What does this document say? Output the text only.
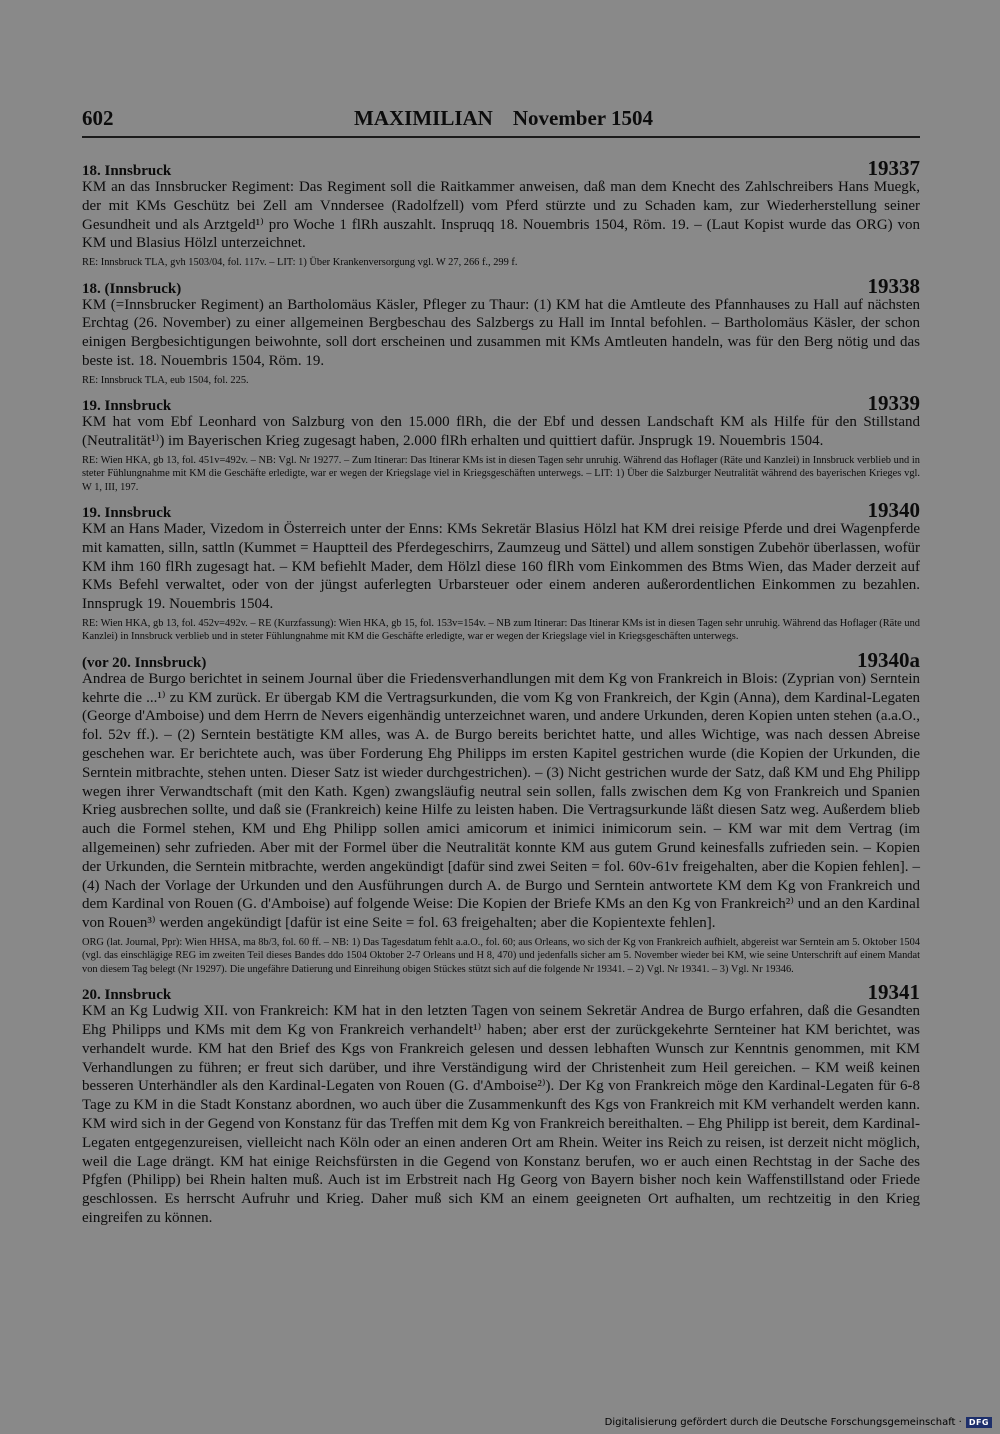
602	MAXIMILIAN November 1504
18. Innsbruck	19337

KM an das Innsbrucker Regiment: Das Regiment soll die Raitkammer anweisen, daß man dem Knecht des Zahlschreibers Hans Muegk, der mit KMs Geschütz bei Zell am Vnndersee (Radolfzell) vom Pferd stürzte und zu Schaden kam, zur Wiederherstellung seiner Gesundheit und als Arztgeld¹⁾ pro Woche 1 flRh auszahlt. Inspruqq 18. Nouembris 1504, Röm. 19. – (Laut Kopist wurde das ORG) von KM und Blasius Hölzl unterzeichnet.

RE: Innsbruck TLA, gvh 1503/04, fol. 117v. – LIT: 1) Über Krankenversorgung vgl. W 27, 266 f., 299 f.

18. (Innsbruck)	19338

KM (=Innsbrucker Regiment) an Bartholomäus Käsler, Pfleger zu Thaur: (1) KM hat die Amtleute des Pfannhauses zu Hall auf nächsten Erchtag (26. November) zu einer allgemeinen Bergbeschau des Salzbergs zu Hall im Inntal befohlen. – Bartholomäus Käsler, der schon einigen Bergbesichtigungen beiwohnte, soll dort erscheinen und zusammen mit KMs Amtleuten handeln, was für den Berg nötig und das beste ist. 18. Nouembris 1504, Röm. 19.

RE: Innsbruck TLA, eub 1504, fol. 225.

19. Innsbruck	19339

KM hat vom Ebf Leonhard von Salzburg von den 15.000 flRh, die der Ebf und dessen Landschaft KM als Hilfe für den Stillstand (Neutralität¹⁾) im Bayerischen Krieg zugesagt haben, 2.000 flRh erhalten und quittiert dafür. Jnsprugk 19. Nouembris 1504.

RE: Wien HKA, gb 13, fol. 451v=492v. – NB: Vgl. Nr 19277. – Zum Itinerar: Das Itinerar KMs ist in diesen Tagen sehr unruhig. Während das Hoflager (Räte und Kanzlei) in Innsbruck verblieb und in steter Fühlungnahme mit KM die Geschäfte erledigte, war er wegen der Kriegslage viel in Kriegsgeschäften unterwegs. – LIT: 1) Über die Salzburger Neutralität während des bayerischen Krieges vgl. W 1, III, 197.

19. Innsbruck	19340

KM an Hans Mader, Vizedom in Österreich unter der Enns: KMs Sekretär Blasius Hölzl hat KM drei reisige Pferde und drei Wagenpferde mit kamatten, silln, sattln (Kummet = Hauptteil des Pferdegeschirrs, Zaumzeug und Sättel) und allem sonstigen Zubehör überlassen, wofür KM ihm 160 flRh zugesagt hat. – KM befiehlt Mader, dem Hölzl diese 160 flRh vom Einkommen des Btms Wien, das Mader derzeit auf KMs Befehl verwaltet, oder von der jüngst auferlegten Urbarsteuer oder einem anderen außerordentlichen Einkommen zu bezahlen. Innsprugk 19. Nouembris 1504.

RE: Wien HKA, gb 13, fol. 452v=492v. – RE (Kurzfassung): Wien HKA, gb 15, fol. 153v=154v. – NB zum Itinerar: Das Itinerar KMs ist in diesen Tagen sehr unruhig. Während das Hoflager (Räte und Kanzlei) in Innsbruck verblieb und in steter Fühlungnahme mit KM die Geschäfte erledigte, war er wegen der Kriegslage viel in Kriegsgeschäften unterwegs.

(vor 20. Innsbruck)	19340a

Andrea de Burgo berichtet in seinem Journal über die Friedensverhandlungen mit dem Kg von Frankreich in Blois: (Zyprian von) Serntein kehrte die ...¹⁾ zu KM zurück. Er übergab KM die Vertragsurkunden, die vom Kg von Frankreich, der Kgin (Anna), dem Kardinal-Legaten (George d'Amboise) und dem Herrn de Nevers eigenhändig unterzeichnet waren, und andere Urkunden, deren Kopien unten stehen (a.a.O., fol. 52v ff.). – (2) Serntein bestätigte KM alles, was A. de Burgo bereits berichtet hatte, und alles Wichtige, was nach dessen Abreise geschehen war. Er berichtete auch, was über Forderung Ehg Philipps im ersten Kapitel gestrichen wurde (die Kopien der Urkunden, die Serntein mitbrachte, stehen unten. Dieser Satz ist wieder durchgestrichen). – (3) Nicht gestrichen wurde der Satz, daß KM und Ehg Philipp wegen ihrer Verwandtschaft (mit den Kath. Kgen) zwangsläufig neutral sein sollen, falls zwischen dem Kg von Frankreich und Spanien Krieg ausbrechen sollte, und daß sie (Frankreich) keine Hilfe zu leisten haben. Die Vertragsurkunde läßt diesen Satz weg. Außerdem blieb auch die Formel stehen, KM und Ehg Philipp sollen amici amicorum et inimici inimicorum sein. – KM war mit dem Vertrag (im allgemeinen) sehr zufrieden. Aber mit der Formel über die Neutralität konnte KM aus gutem Grund keinesfalls zufrieden sein. – Kopien der Urkunden, die Serntein mitbrachte, werden angekündigt [dafür sind zwei Seiten = fol. 60v-61v freigehalten, aber die Kopien fehlen]. – (4) Nach der Vorlage der Urkunden und den Ausführungen durch A. de Burgo und Serntein antwortete KM dem Kg von Frankreich und dem Kardinal von Rouen (G. d'Amboise) auf folgende Weise: Die Kopien der Briefe KMs an den Kg von Frankreich²⁾ und an den Kardinal von Rouen³⁾ werden angekündigt [dafür ist eine Seite = fol. 63 freigehalten; aber die Kopientexte fehlen].

ORG (lat. Journal, Ppr): Wien HHSA, ma 8b/3, fol. 60 ff. – NB: 1) Das Tagesdatum fehlt a.a.O., fol. 60; aus Orleans, wo sich der Kg von Frankreich aufhielt, abgereist war Serntein am 5. Oktober 1504 (vgl. das einschlägige REG im zweiten Teil dieses Bandes ddo 1504 Oktober 2-7 Orleans und H 8, 470) und jedenfalls sicher am 5. November wieder bei KM, wie seine Unterschrift auf einem Mandat von diesem Tag belegt (Nr 19297). Die ungefähre Datierung und Einreihung obigen Stückes stützt sich auf die folgende Nr 19341. – 2) Vgl. Nr 19341. – 3) Vgl. Nr 19346.

20. Innsbruck	19341

KM an Kg Ludwig XII. von Frankreich: KM hat in den letzten Tagen von seinem Sekretär Andrea de Burgo erfahren, daß die Gesandten Ehg Philipps und KMs mit dem Kg von Frankreich verhandelt¹⁾ haben; aber erst der zurückgekehrte Sernteiner hat KM berichtet, was verhandelt wurde. KM hat den Brief des Kgs von Frankreich gelesen und dessen lebhaften Wunsch zur Kenntnis genommen, mit KM Verhandlungen zu führen; er freut sich darüber, und ihre Verständigung wird der Christenheit zum Heil gereichen. – KM weiß keinen besseren Unterhändler als den Kardinal-Legaten von Rouen (G. d'Amboise²⁾). Der Kg von Frankreich möge den Kardinal-Legaten für 6-8 Tage zu KM in die Stadt Konstanz abordnen, wo auch über die Zusammenkunft des Kgs von Frankreich mit KM verhandelt werden kann. KM wird sich in der Gegend von Konstanz für das Treffen mit dem Kg von Frankreich bereithalten. – Ehg Philipp ist bereit, dem Kardinal-Legaten entgegenzureisen, vielleicht nach Köln oder an einen anderen Ort am Rhein. Weiter ins Reich zu reisen, ist derzeit nicht möglich, weil die Lage drängt. KM hat einige Reichsfürsten in die Gegend von Konstanz berufen, wo er auch einen Rechtstag in der Sache des Pfgfen (Philipp) bei Rhein halten muß. Auch ist im Erbstreit nach Hg Georg von Bayern bisher noch kein Waffenstillstand oder Friede geschlossen. Es herrscht Aufruhr und Krieg. Daher muß sich KM an einem geeigneten Ort aufhalten, um rechtzeitig in den Krieg eingreifen zu können.

Digitalisierung gefördert durch die Deutsche Forschungsgemeinschaft · DFG
